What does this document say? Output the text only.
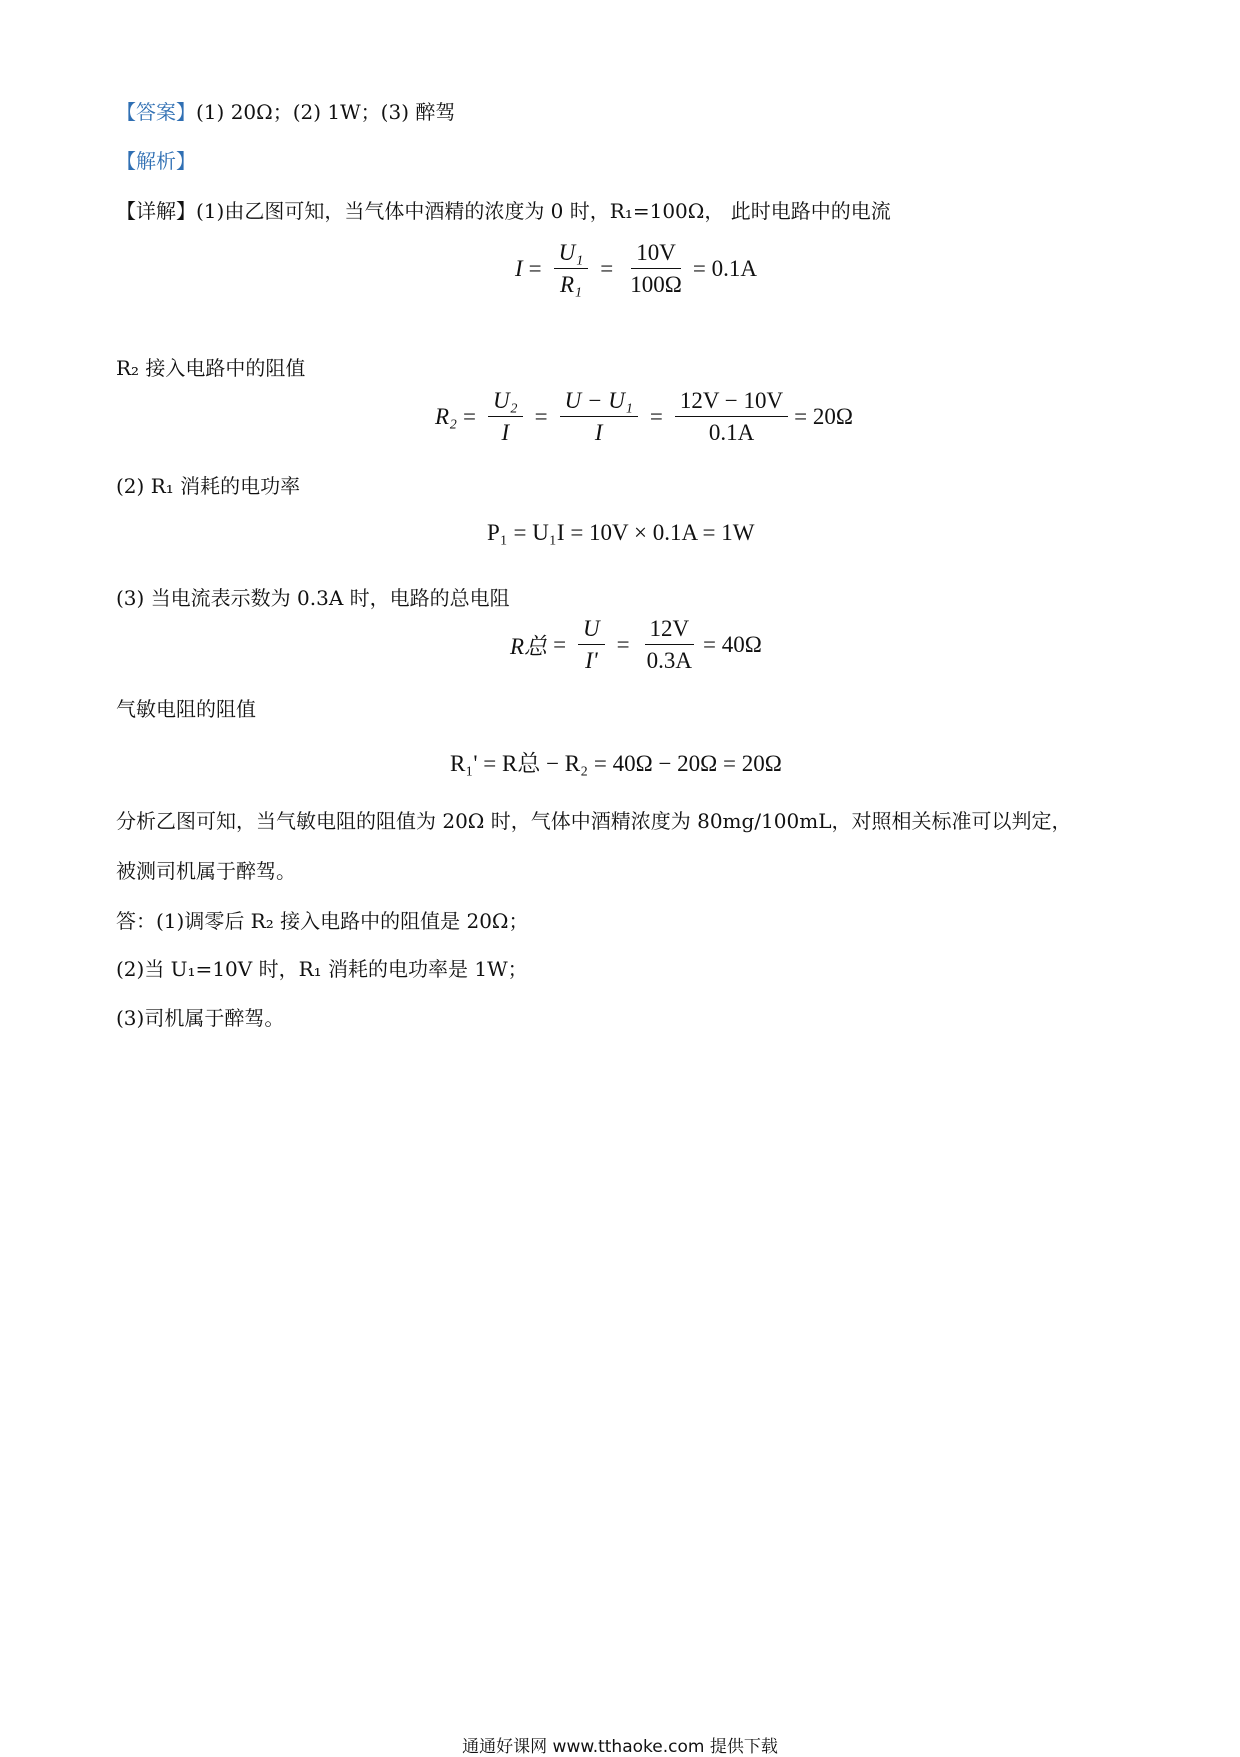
【答案】(1) 20Ω；(2) 1W；(3) 醉驾
【解析】
【详解】(1)由乙图可知，当气体中酒精的浓度为 0 时，R₁=100Ω， 此时电路中的电流
$I = \frac{\text{U₁}}{\text{R₁}} = \frac{10V}{100\Omega} = 0.1A$
R₂ 接入电路中的阻值
$R_2 = \frac{\text{U₂}}{I} = \frac{\text{U − U₁}}{I} = \frac{12V - 10V}{0.1A} = 20\Omega$
(2) R₁ 消耗的电功率
P₁ = U₁I = 10V × 0.1A = 1W
(3) 当电流表示数为 0.3A 时，电路的总电阻
R总 = $\frac{U}{I'} = \frac{12V}{0.3A} = 40\Omega$
气敏电阻的阻值
R₁' = R总 − R₂ = 40Ω − 20Ω = 20Ω
分析乙图可知，当气敏电阻的阻值为 20Ω 时，气体中酒精浓度为 80mg/100mL，对照相关标准可以判定，
被测司机属于醉驾。
答：(1)调零后 R₂ 接入电路中的阻值是 20Ω；
(2)当 U₁=10V 时，R₁ 消耗的电功率是 1W；
(3)司机属于醉驾。
通通好课网 www.tthaoke.com 提供下载
